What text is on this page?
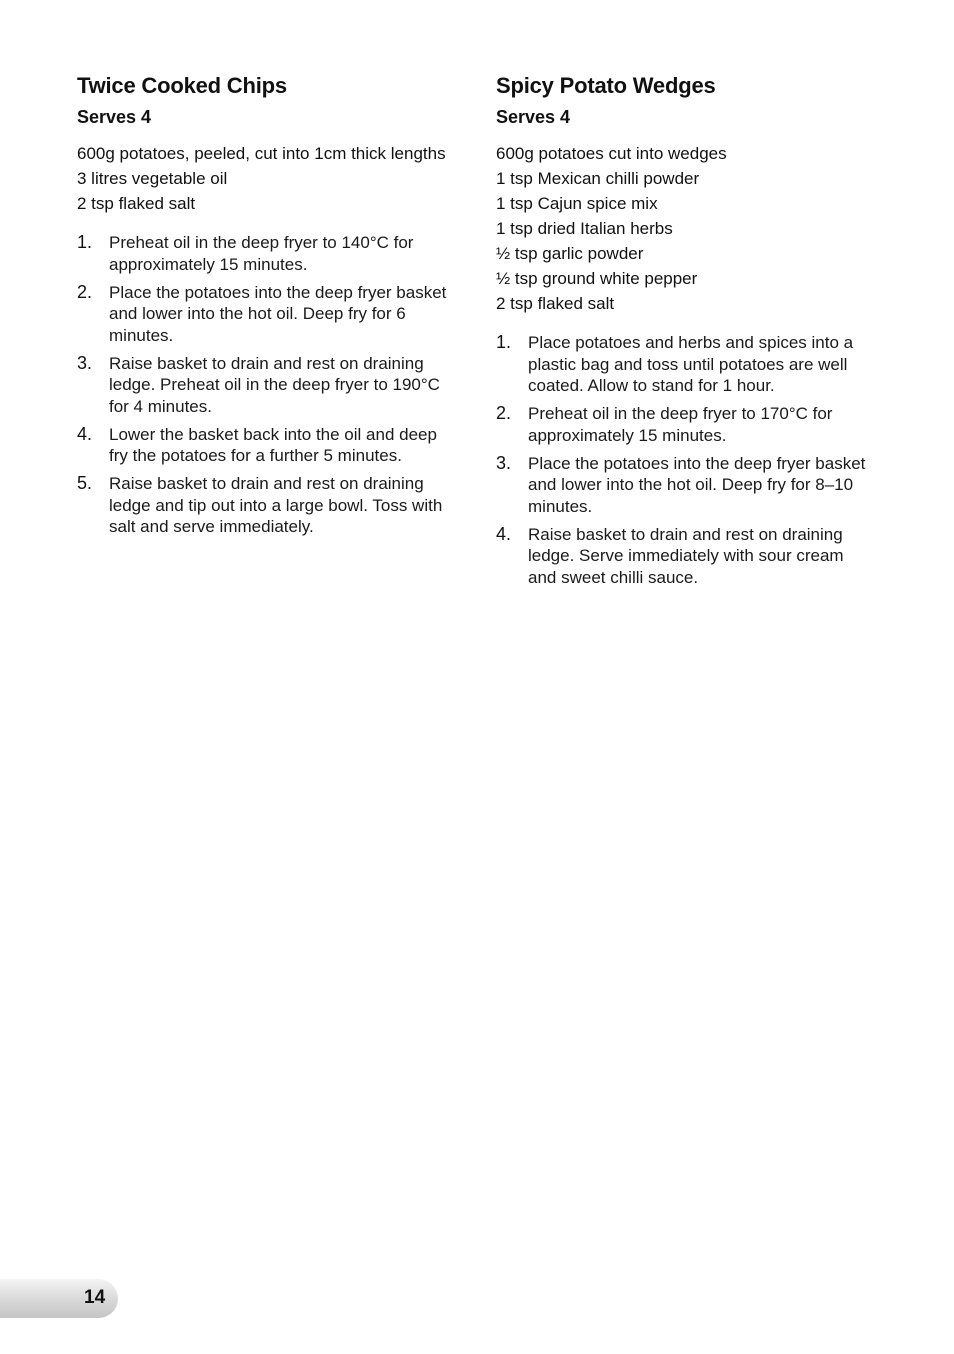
Twice Cooked Chips
Serves 4
600g potatoes, peeled, cut into 1cm thick lengths
3 litres vegetable oil
2 tsp flaked salt
1. Preheat oil in the deep fryer to 140°C for approximately 15 minutes.
2. Place the potatoes into the deep fryer basket and lower into the hot oil. Deep fry for 6 minutes.
3. Raise basket to drain and rest on draining ledge. Preheat oil in the deep fryer to 190°C for 4 minutes.
4. Lower the basket back into the oil and deep fry the potatoes for a further 5 minutes.
5. Raise basket to drain and rest on draining ledge and tip out into a large bowl. Toss with salt and serve immediately.
Spicy Potato Wedges
Serves 4
600g potatoes cut into wedges
1 tsp Mexican chilli powder
1 tsp Cajun spice mix
1 tsp dried Italian herbs
½ tsp garlic powder
½ tsp ground white pepper
2 tsp flaked salt
1. Place potatoes and herbs and spices into a plastic bag and toss until potatoes are well coated. Allow to stand for 1 hour.
2. Preheat oil in the deep fryer to 170°C for approximately 15 minutes.
3. Place the potatoes into the deep fryer basket and lower into the hot oil. Deep fry for 8–10 minutes.
4. Raise basket to drain and rest on draining ledge. Serve immediately with sour cream and sweet chilli sauce.
14
